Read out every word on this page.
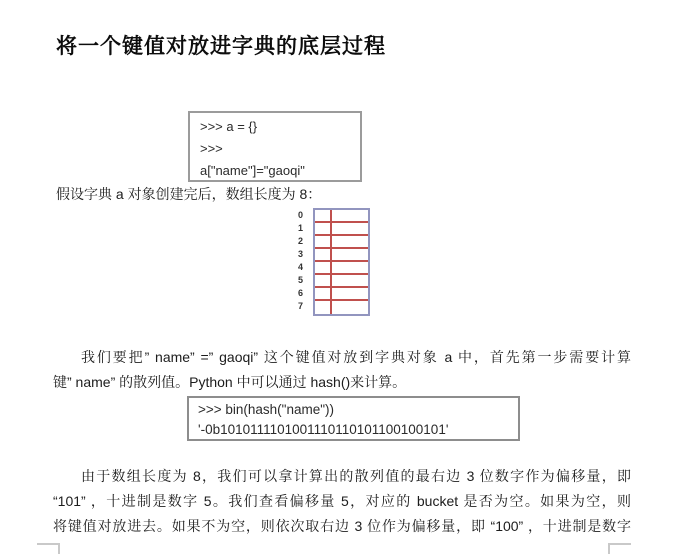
将一个键值对放进字典的底层过程
>>> a = {}
>>>
a["name"]="gaoqi"
假设字典 a 对象创建完后，数组长度为 8：
0
1
2
3
4
5
6
7
我们要把” name” =” gaoqi” 这个键值对放到字典对象 a 中，首先第一步需要计算
键” name” 的散列值。Python 中可以通过 hash()来计算。
>>> bin(hash("name"))
'-0b1010111101001110110101100100101'
由于数组长度为 8，我们可以拿计算出的散列值的最右边 3 位数字作为偏移量，即
“101” ，十进制是数字 5。我们查看偏移量 5，对应的 bucket 是否为空。如果为空，则
将键值对放进去。如果不为空，则依次取右边 3 位作为偏移量，即 “100” ，十进制是数字
